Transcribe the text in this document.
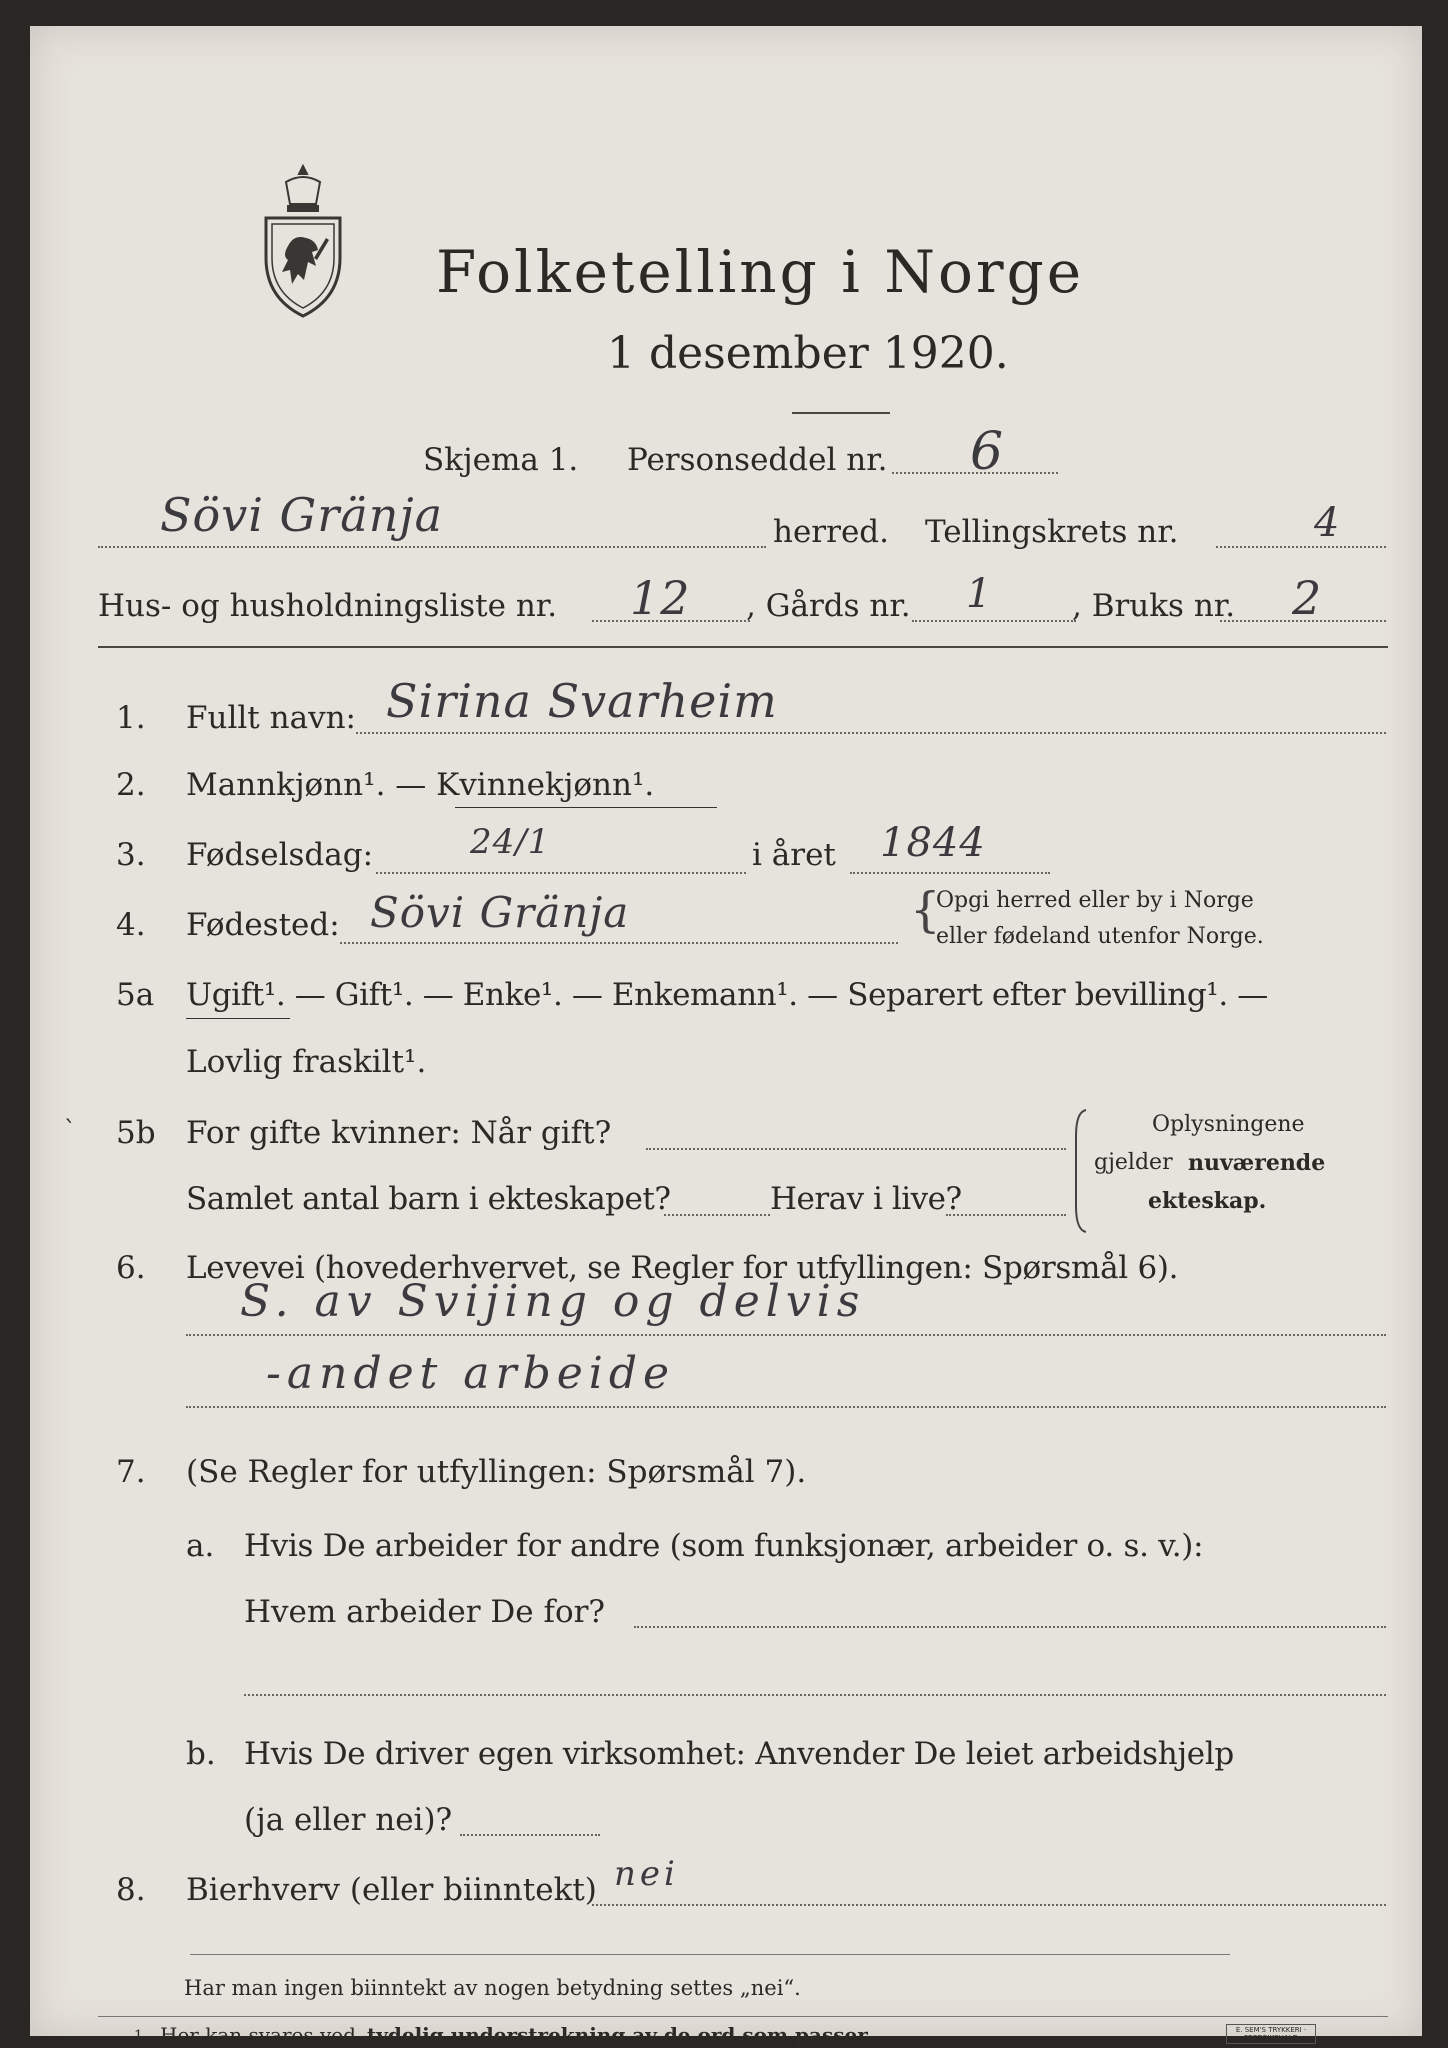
Folketelling i Norge
1 desember 1920.
Skjema 1. Personseddel nr. 6
Sövi Gränja	herred. Tellingskrets nr.	4
Hus- og husholdningsliste nr. 12 , Gårds nr. 1	, Bruks nr. 2
1. Fullt navn: Sirina Svarheim
2. Mannkjønn¹. — Kvinnekjønn¹.
3. Fødselsdag:	24/1	i året 1844
4. Fødested: Sövi Gränja	{
Opgi herred eller by i Norge
eller fødeland utenfor Norge.
5a Ugift¹. — Gift¹. — Enke¹. — Enkemann¹. — Separert efter bevilling¹. —
Lovlig fraskilt¹.
` 5b For gifte kvinner: Når gift?
Samlet antal barn i ekteskapet?	Herav i live?
Oplysningene
gjelder nuværende
ekteskap.
6. Levevei (hovederhvervet, se Regler for utfyllingen: Spørsmål 6).
S. av Svijing og delvis
-andet arbeide
7. (Se Regler for utfyllingen: Spørsmål 7).
a. Hvis De arbeider for andre (som funksjonær, arbeider o. s. v.):
Hvem arbeider De for?
b. Hvis De driver egen virksomhet: Anvender De leiet arbeidshjelp
(ja eller nei)?
8. Bierhverv (eller biinntekt) nei
Har man ingen biinntekt av nogen betydning settes „nei“.
1 Her kan svares ved tydelig understrekning av de ord som passer.	E. SEM'S TRYKKERI · FREDRIKSHALD
